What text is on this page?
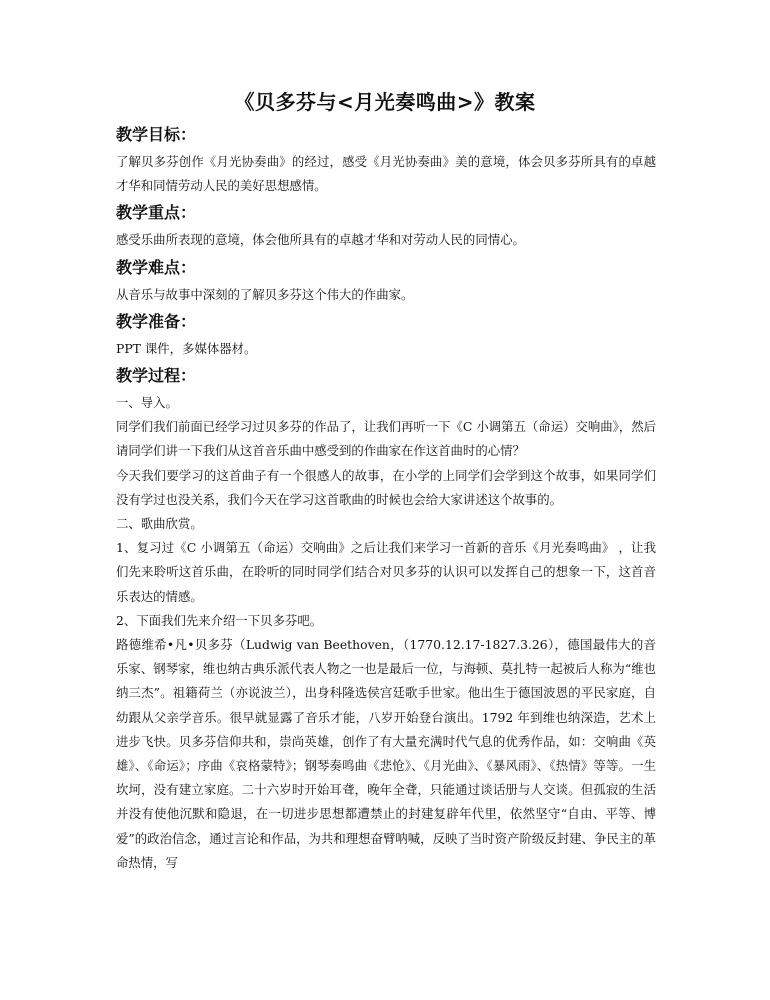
《贝多芬与<月光奏鸣曲>》教案
教学目标：

了解贝多芬创作《月光协奏曲》的经过，感受《月光协奏曲》美的意境，体会贝多芬所具有的卓越才华和同情劳动人民的美好思想感情。

教学重点：

感受乐曲所表现的意境，体会他所具有的卓越才华和对劳动人民的同情心。

教学难点：

从音乐与故事中深刻的了解贝多芬这个伟大的作曲家。

教学准备：

PPT 课件，多媒体器材。

教学过程：

一、导入。

同学们我们前面已经学习过贝多芬的作品了，让我们再听一下《C 小调第五（命运）交响曲》，然后请同学们讲一下我们从这首音乐曲中感受到的作曲家在作这首曲时的心情？

今天我们要学习的这首曲子有一个很感人的故事，在小学的上同学们会学到这个故事，如果同学们没有学过也没关系，我们今天在学习这首歌曲的时候也会给大家讲述这个故事的。

二、歌曲欣赏。

1、复习过《C 小调第五（命运）交响曲》之后让我们来学习一首新的音乐《月光奏鸣曲》 ，让我们先来聆听这首乐曲，在聆听的同时同学们结合对贝多芬的认识可以发挥自己的想象一下，这首音乐表达的情感。

2、下面我们先来介绍一下贝多芬吧。

路德维希•凡•贝多芬（Ludwig van Beethoven，（1770.12.17-1827.3.26），德国最伟大的音乐家、钢琴家，维也纳古典乐派代表人物之一也是最后一位，与海顿、莫扎特一起被后人称为“维也纳三杰”。祖籍荷兰（亦说波兰），出身科隆选侯宫廷歌手世家。他出生于德国波恩的平民家庭，自幼跟从父亲学音乐。很早就显露了音乐才能，八岁开始登台演出。1792 年到维也纳深造，艺术上进步飞快。贝多芬信仰共和，崇尚英雄，创作了有大量充满时代气息的优秀作品，如：交响曲《英雄》、《命运》；序曲《哀格蒙特》；钢琴奏鸣曲《悲怆》、《月光曲》、《暴风雨》、《热情》等等。一生坎坷，没有建立家庭。二十六岁时开始耳聋，晚年全聋，只能通过谈话册与人交谈。但孤寂的生活并没有使他沉默和隐退，在一切进步思想都遭禁止的封建复辟年代里，依然坚守“自由、平等、博爱”的政治信念，通过言论和作品，为共和理想奋臂呐喊，反映了当时资产阶级反封建、争民主的革命热情，写
